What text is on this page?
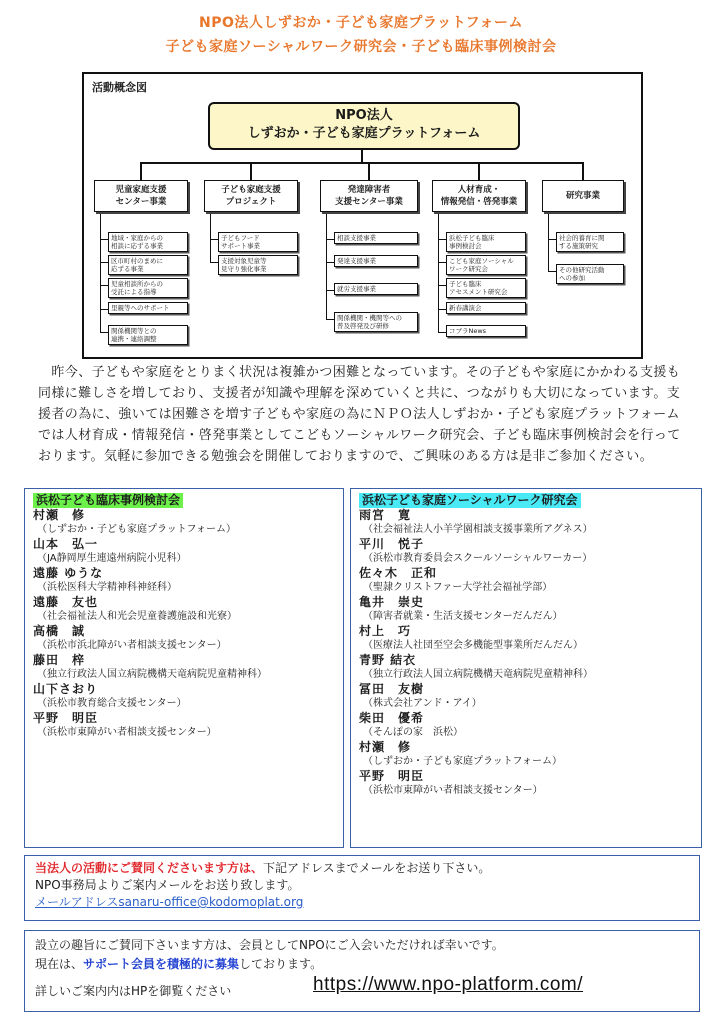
NPO法人しずおか・子ども家庭プラットフォーム
子ども家庭ソーシャルワーク研究会・子ども臨床事例検討会
活動概念図
NPO法人
しずおか・子ども家庭プラットフォーム
児童家庭支援
センター事業
地域・家庭からの
相談に応ずる事業
区市町村のまめに
応ずる事業
児童相談所からの
受託による指導
里親等へのサポート
関係機関等との
連携・連絡調整
子ども家庭支援
プロジェクト
子どもフード
サポート事業
支援対象児童等
見守り強化事業
発達障害者
支援センター事業
相談支援事業
発達支援事業
就労支援事業
関係機関・機関等への
普及啓発及び研修
人材育成・
情報発信・啓発事業
浜松子ども臨床
事例検討会
こども家庭ソーシャル
ワーク研究会
子ども臨床
アセスメント研究会
新春講演会
コブラNews
研究事業
社会的養育に関
する施策研究
その他研究活動
への参加
　昨今、子どもや家庭をとりまく状況は複雑かつ困難となっています。その子どもや家庭にかかわる支援も同様に難しさを増しており、支援者が知識や理解を深めていくと共に、つながりも大切になっています。支援者の為に、強いては困難さを増す子どもや家庭の為にＮＰＯ法人しずおか・子ども家庭プラットフォームでは人材育成・情報発信・啓発事業としてこどもソーシャルワーク研究会、子ども臨床事例検討会を行っております。気軽に参加できる勉強会を開催しておりますので、ご興味のある方は是非ご参加ください。
浜松子ども臨床事例検討会
村瀬　修
（しずおか・子ども家庭プラットフォーム）
山本　弘一
（JA静岡厚生連遠州病院小児科）
遠藤 ゆうな
（浜松医科大学精神科神経科）
遠藤　友也
（社会福祉法人和光会児童養護施設和光寮）
高橋　誠
（浜松市浜北障がい者相談支援センター）
藤田　梓
（独立行政法人国立病院機構天竜病院児童精神科）
山下さおり
（浜松市教育総合支援センター）
平野　明臣
（浜松市東障がい者相談支援センター）
浜松子ども家庭ソーシャルワーク研究会
雨宮　寛
（社会福祉法人小羊学園相談支援事業所アグネス）
平川　悦子
（浜松市教育委員会スクールソーシャルワーカー）
佐々木　正和
（聖隷クリストファー大学社会福祉学部）
亀井　崇史
（障害者就業・生活支援センターだんだん）
村上　巧
（医療法人社団至空会多機能型事業所だんだん）
青野 結衣
（独立行政法人国立病院機構天竜病院児童精神科）
冨田　友樹
（株式会社アンド・アイ）
柴田　優希
（そんぽの家　浜松）
村瀬　修
（しずおか・子ども家庭プラットフォーム）
平野　明臣
（浜松市東障がい者相談支援センター）
当法人の活動にご賛同くださいます方は、下記アドレスまでメールをお送り下さい。
NPO事務局よりご案内メールをお送り致します。
メールアドレスsanaru-office@kodomoplat.org
設立の趣旨にご賛同下さいます方は、会員としてNPOにご入会いただければ幸いです。
現在は、サポート会員を積極的に募集しております。
詳しいご案内内はHPを御覧ください	https://www.npo-platform.com/
